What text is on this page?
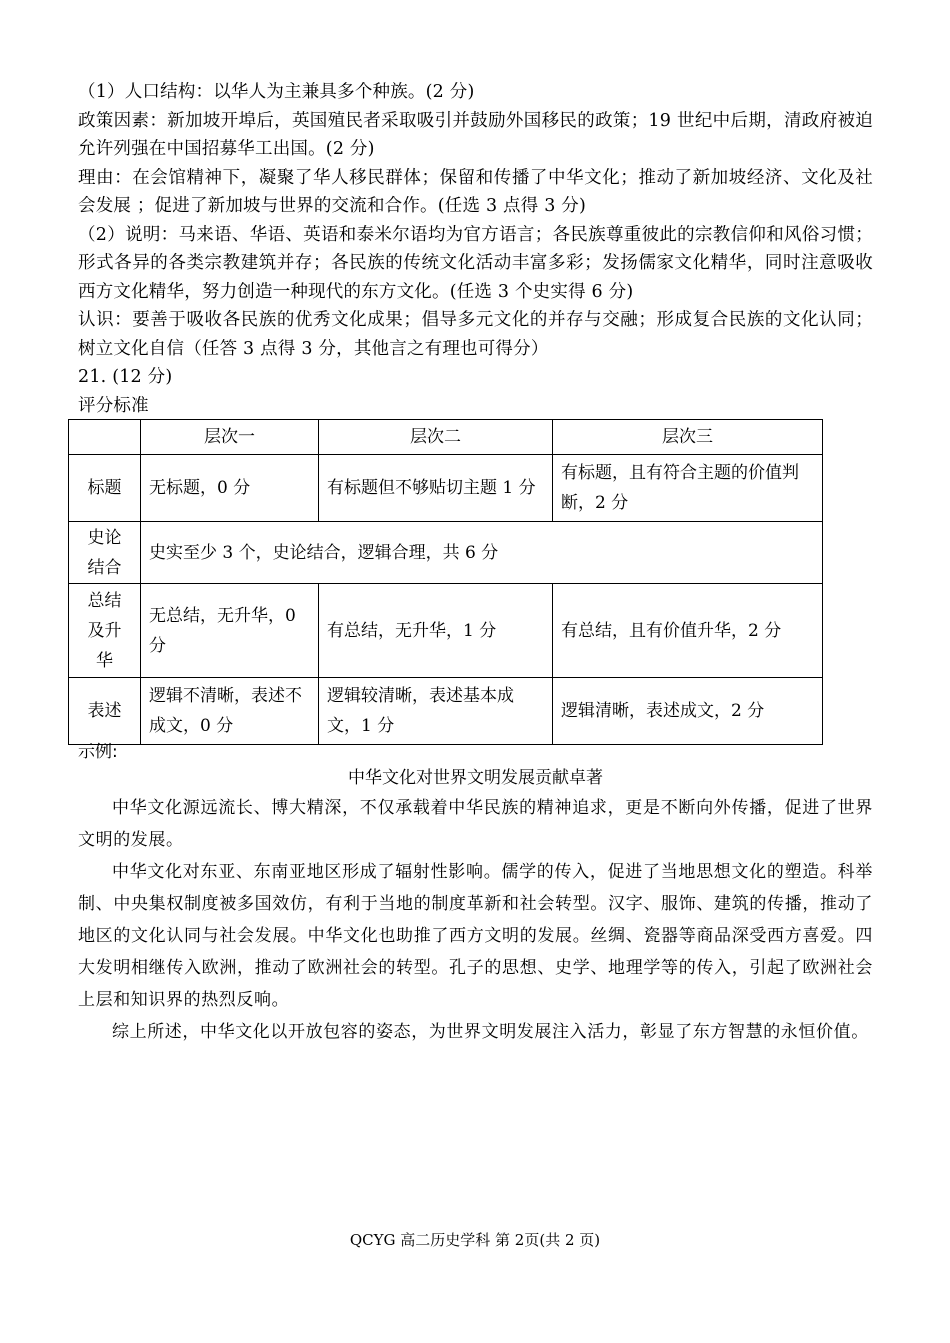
（1）人口结构：以华人为主兼具多个种族。(2 分)
政策因素：新加坡开埠后，英国殖民者采取吸引并鼓励外国移民的政策；19 世纪中后期，清政府被迫允许列强在中国招募华工出国。(2 分)
理由：在会馆精神下，凝聚了华人移民群体；保留和传播了中华文化；推动了新加坡经济、文化及社会发展 ；促进了新加坡与世界的交流和合作。(任选 3 点得 3 分)
（2）说明：马来语、华语、英语和泰米尔语均为官方语言；各民族尊重彼此的宗教信仰和风俗习惯；形式各异的各类宗教建筑并存；各民族的传统文化活动丰富多彩；发扬儒家文化精华，同时注意吸收西方文化精华，努力创造一种现代的东方文化。(任选 3 个史实得 6 分)
认识：要善于吸收各民族的优秀文化成果；倡导多元文化的并存与交融；形成复合民族的文化认同；树立文化自信（任答 3 点得 3 分，其他言之有理也可得分）
21. (12 分)
评分标准
	层次一	层次二	层次三
标题	无标题，0 分	有标题但不够贴切主题 1 分	有标题，且有符合主题的价值判断，2 分
史论结合	史实至少 3 个，史论结合，逻辑合理，共 6 分		
总结及升华	无总结，无升华，0 分	有总结，无升华，1 分	有总结，且有价值升华，2 分
表述	逻辑不清晰，表述不成文，0 分	逻辑较清晰，表述基本成文，1 分	逻辑清晰，表述成文，2 分
示例:
中华文化对世界文明发展贡献卓著

中华文化源远流长、博大精深，不仅承载着中华民族的精神追求，更是不断向外传播，促进了世界文明的发展。

中华文化对东亚、东南亚地区形成了辐射性影响。儒学的传入，促进了当地思想文化的塑造。科举制、中央集权制度被多国效仿，有利于当地的制度革新和社会转型。汉字、服饰、建筑的传播，推动了地区的文化认同与社会发展。中华文化也助推了西方文明的发展。丝绸、瓷器等商品深受西方喜爱。四大发明相继传入欧洲，推动了欧洲社会的转型。孔子的思想、史学、地理学等的传入，引起了欧洲社会上层和知识界的热烈反响。

综上所述，中华文化以开放包容的姿态，为世界文明发展注入活力，彰显了东方智慧的永恒价值。

QCYG 高二历史学科 第 2页(共 2 页)
